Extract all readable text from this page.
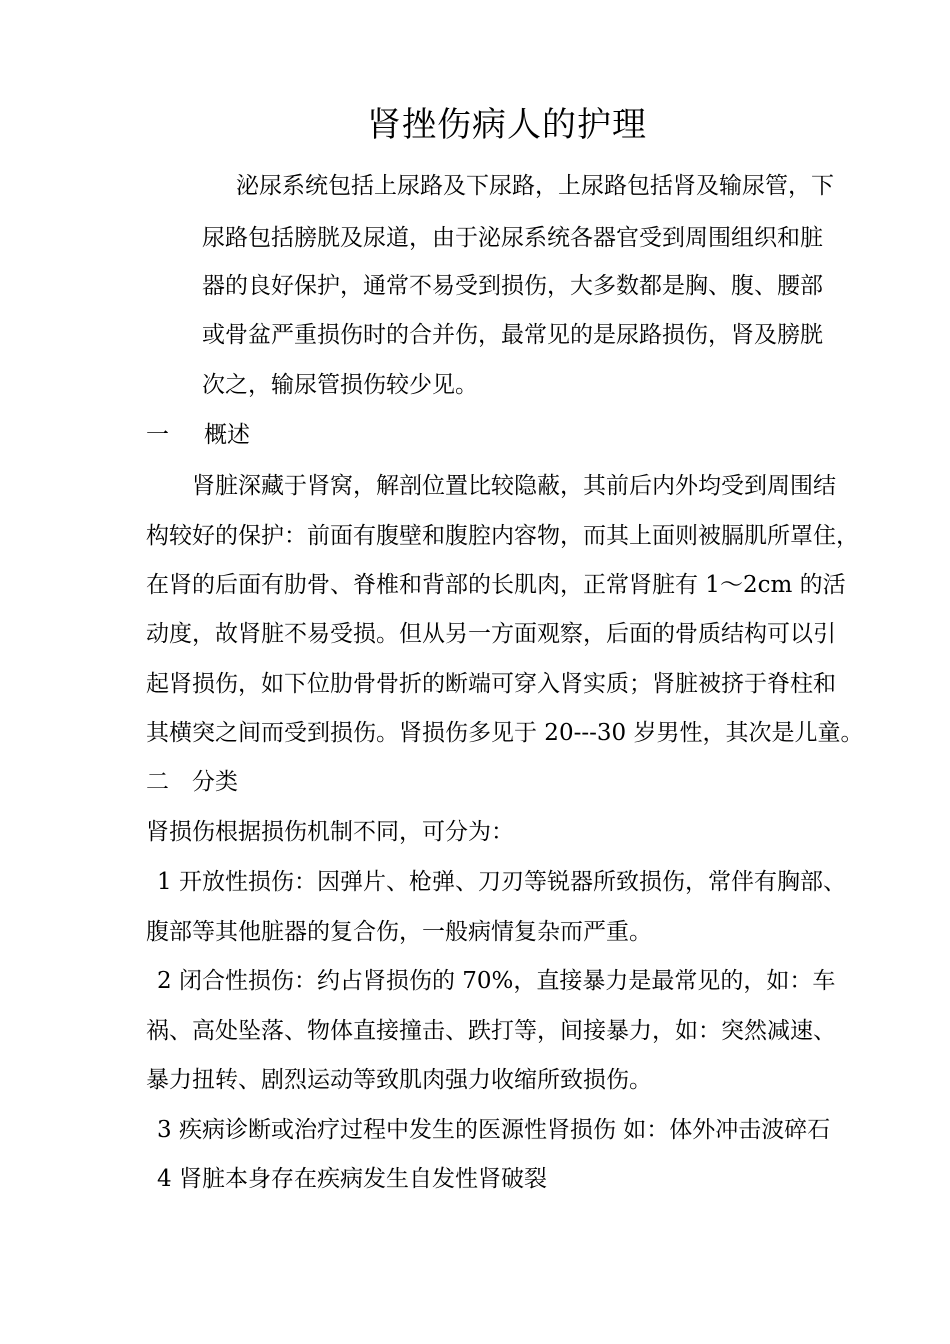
肾挫伤病人的护理
泌尿系统包括上尿路及下尿路，上尿路包括肾及输尿管，下
尿路包括膀胱及尿道，由于泌尿系统各器官受到周围组织和脏
器的良好保护，通常不易受到损伤，大多数都是胸、腹、腰部
或骨盆严重损伤时的合并伤，最常见的是尿路损伤，肾及膀胱
次之，输尿管损伤较少见。
一 概述
肾脏深藏于肾窝，解剖位置比较隐蔽，其前后内外均受到周围结
构较好的保护：前面有腹壁和腹腔内容物，而其上面则被膈肌所罩住，
在肾的后面有肋骨、脊椎和背部的长肌肉，正常肾脏有 1～2cm 的活
动度，故肾脏不易受损。但从另一方面观察，后面的骨质结构可以引
起肾损伤，如下位肋骨骨折的断端可穿入肾实质；肾脏被挤于脊柱和
其横突之间而受到损伤。肾损伤多见于 20---30 岁男性，其次是儿童。
二 分类
肾损伤根据损伤机制不同，可分为：
1 开放性损伤：因弹片、枪弹、刀刃等锐器所致损伤，常伴有胸部、
腹部等其他脏器的复合伤，一般病情复杂而严重。
2 闭合性损伤：约占肾损伤的 70%，直接暴力是最常见的，如：车
祸、高处坠落、物体直接撞击、跌打等，间接暴力，如：突然减速、
暴力扭转、剧烈运动等致肌肉强力收缩所致损伤。
3 疾病诊断或治疗过程中发生的医源性肾损伤 如：体外冲击波碎石
4 肾脏本身存在疾病发生自发性肾破裂
